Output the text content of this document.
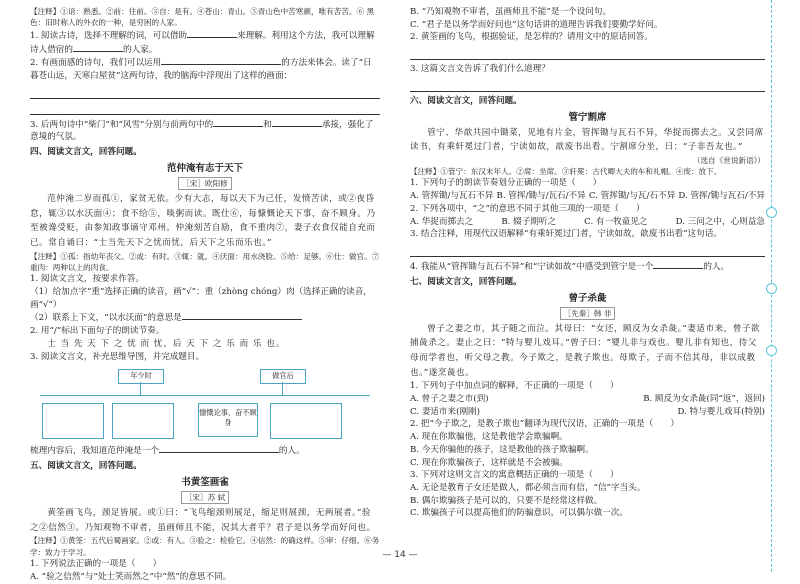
【注释】①谙：熟悉。②前：往前。③自：是有。④苍山：青山。⑤青山色中苦寒颜，唯有苦苦。⑥ 黑色：旧时称人的外衣的一种，是穷困的人家。

1. 阅读古诗，选择不理解的词，可以借助	来理解。利用这个方法，我可以理解诗人借宿的	的人家。

2. 有画面感的诗句，我们可以运用	的方法来体会。读了“日暮苍山远，天寒白屋贫”这两句诗，我的脑海中浮现出了这样的画面：

3. 后两句诗中“柴门”和“风雪”分别与前两句中的	和	承接，强化了意境的气氛。

四、阅读文言文，回答问题。

范仲淹有志于天下

［宋］欧阳修

范仲淹二岁而孤①，家贫无依。少有大志，每以天下为己任，发愤苦读，或②夜昏怠，辄③以水沃面④；食不给⑤，啖粥而读。既仕⑥，每慷慨论天下事，奋不顾身。乃至被谗受贬，由参知政事谪守邓州。仲淹刻苦自励，食不重肉⑦，妻子衣食仅能自充而已。常自诵曰：“士当先天下之忧而忧，后天下之乐而乐也。”

【注释】①孤：指幼年丧父。②或：有时。③辄：就。④沃面：用水浇脸。⑤给：足够。⑥仕：做官。⑦重肉：两种以上的肉食。

1. 阅读文言文，按要求作答。

（1）给加点字“重”选择正确的读音，画“√”：重（zhòng chóng）肉（选择正确的读音，画“√”）

（2）联系上下文，“以水沃面”的意思是

2. 用“/”标出下面句子的朗读节奏。

士 当 先 天 下 之 忧 而 忧，后 天 下 之 乐 而 乐 也。

3. 阅读文言文，补充思维导图，并完成题目。

年少时	做官后
慷慨论事，奋不顾身

梳理内容后，我知道范仲淹是一个	的人。

五、阅读文言文，回答问题。

书黄筌画雀

［宋］苏 轼

黄筌画飞鸟，颈足皆展。或①曰：“飞鸟缩颈则展足，缩足则展颈，无两展者。”验之②信然③。乃知观物不审者，虽画师且不能，况其大者乎？君子是以务学而好问也。

【注释】①黄筌：五代后蜀画家。②或：有人。③验之：检验它。④信然：的确这样。⑤审：仔细。⑥务学：致力于学习。

1. 下列说法正确的一项是（　　）

A. “验之信然”与“处士笑而然之”中“然”的意思不同。

B. “乃知观物不审者，虽画师且不能”是一个设问句。

C. “君子是以务学而好问也”这句话讲的道理告诉我们要勤学好问。

2. 黄筌画的飞鸟，根据验证，是怎样的？请用文中的原话回答。

3. 这篇文言文告诉了我们什么道理？

六、阅读文言文，回答问题。

管宁割席

管宁、华歆共园中锄菜，见地有片金，管挥锄与瓦石不异，华捉而掷去之。又尝同席读书，有乘轩冕过门者，宁读如故，歆废书出看。宁割席分坐，曰：“子非吾友也。”

（选自《世说新语》）

【注释】①管宁：东汉末年人。②席：坐席。③轩冕：古代卿大夫的车和礼帽。④废：放下。

1. 下列句子的朗读节奏划分正确的一项是（　　）

A. 管挥锄/与瓦石不异 B. 管挥/锄与/瓦石/不异 C. 管挥锄/与瓦/石不异 D. 管挥/锄与瓦石/不异

2. 下列各项中，“之”的意思不同于其他三项的一项是（　　）

A. 华捉而掷去之	B. 辍子期听之	C. 有一牧童见之	D. 三问之中，心则益急

3. 结合注释，用现代汉语解释“有乘轩冕过门者，宁读如故，歆废书出看”这句话。

4. 我能从“管挥锄与瓦石不异”和“宁读如故”中感受到管宁是一个	的人。

七、阅读文言文，回答问题。

曾子杀彘

［先秦］韩 非

曾子之妻之市，其子随之而泣。其母曰：“女还，顾反为女杀彘。”妻适市来，曾子欲捕彘杀之。妻止之曰：“特与婴儿戏耳。”曾子曰：“婴儿非与戏也。婴儿非有知也，待父母而学者也，听父母之教。今子欺之，是教子欺也。母欺子，子而不信其母，非以成教也。”遂烹彘也。

1. 下列句子中加点词的解释，不正确的一项是（　　）

A. 曾子之妻之市(到)	B. 顾反为女杀彘(同“返”，返回)
C. 妻适市来(刚刚)	D. 特与婴儿戏耳(特别)

2. 把“今子欺之，是教子欺也”翻译为现代汉语，正确的一项是（　　）

A. 现在你欺骗他，这是教他学会欺骗啊。

B. 今天你骗他的孩子，这是教他的孩子欺骗啊。

C. 现在你欺骗孩子，这样就是不会被骗。

3. 下列对这则文言文的寓意概括正确的一项是（　　）

A. 无论是教育子女还是做人，都必须言而有信，“信”字当头。

B. 偶尔欺骗孩子是可以的，只要不是经常这样做。

C. 欺骗孩子可以提高他们的防骗意识，可以偶尔做一次。

— 14 —
